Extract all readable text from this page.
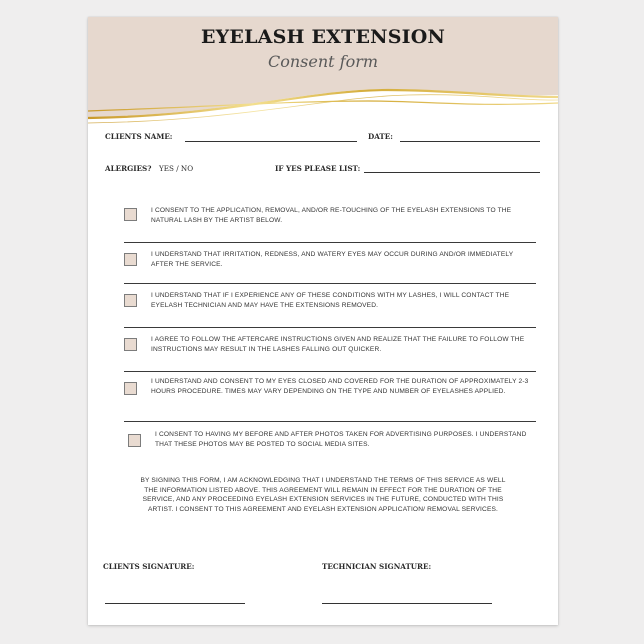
EYELASH EXTENSION
Consent form
CLIENTS NAME:	DATE:
ALERGIES? YES / NO	IF YES PLEASE LIST:
I CONSENT TO THE APPLICATION, REMOVAL, AND/OR RE-TOUCHING OF THE EYELASH EXTENSIONS TO THE NATURAL LASH BY THE ARTIST BELOW.
I UNDERSTAND THAT IRRITATION, REDNESS, AND WATERY EYES MAY OCCUR DURING AND/OR IMMEDIATELY AFTER THE SERVICE.
I UNDERSTAND THAT IF I EXPERIENCE ANY OF THESE CONDITIONS WITH MY LASHES, I WILL CONTACT THE EYELASH TECHNICIAN AND MAY HAVE THE EXTENSIONS REMOVED.
I AGREE TO FOLLOW THE AFTERCARE INSTRUCTIONS GIVEN AND REALIZE THAT THE FAILURE TO FOLLOW THE INSTRUCTIONS MAY RESULT IN THE LASHES FALLING OUT QUICKER.
I UNDERSTAND AND CONSENT TO MY EYES CLOSED AND COVERED FOR THE DURATION OF APPROXIMATELY 2-3 HOURS PROCEDURE. TIMES MAY VARY DEPENDING ON THE TYPE AND NUMBER OF EYELASHES APPLIED.
I CONSENT TO HAVING MY BEFORE AND AFTER PHOTOS TAKEN FOR ADVERTISING PURPOSES. I UNDERSTAND THAT THESE PHOTOS MAY BE POSTED TO SOCIAL MEDIA SITES.
BY SIGNING THIS FORM, I AM ACKNOWLEDGING THAT I UNDERSTAND THE TERMS OF THIS SERVICE AS WELL THE INFORMATION LISTED ABOVE. THIS AGREEMENT WILL REMAIN IN EFFECT FOR THE DURATION OF THE SERVICE, AND ANY PROCEEDING EYELASH EXTENSION SERVICES IN THE FUTURE, CONDUCTED WITH THIS ARTIST. I CONSENT TO THIS AGREEMENT AND EYELASH EXTENSION APPLICATION/ REMOVAL SERVICES.
CLIENTS SIGNATURE:	TECHNICIAN SIGNATURE:
